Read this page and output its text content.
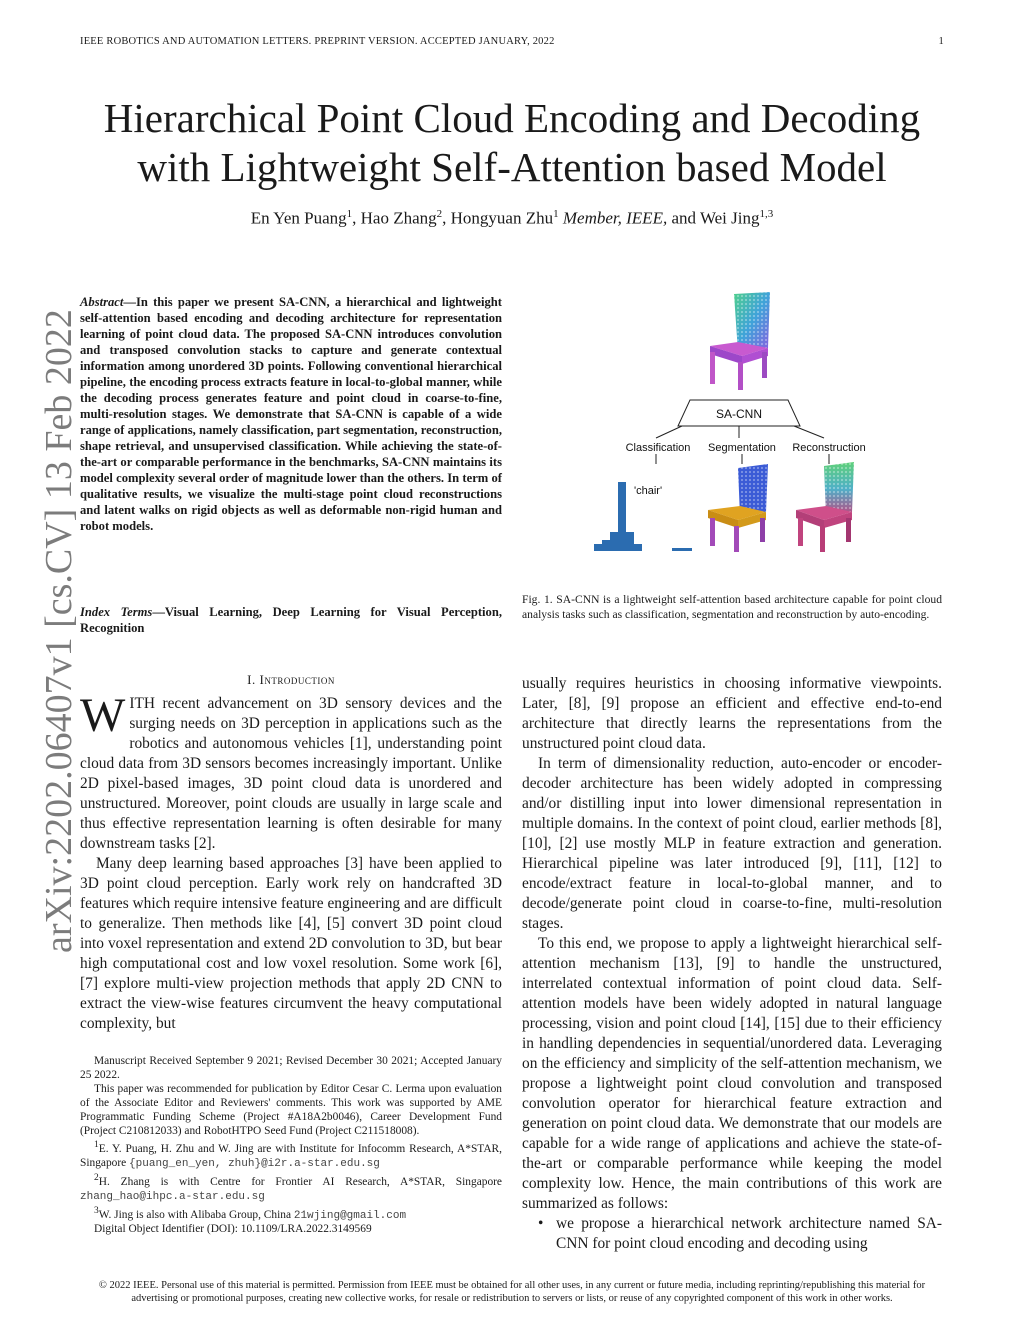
IEEE ROBOTICS AND AUTOMATION LETTERS. PREPRINT VERSION. ACCEPTED JANUARY, 2022	1
Hierarchical Point Cloud Encoding and Decoding
with Lightweight Self-Attention based Model
En Yen Puang$^1$, Hao Zhang$^2$, Hongyuan Zhu$^1$ Member, IEEE, and Wei Jing$^{1,3}$
arXiv:2202.06407v1 [cs.CV] 13 Feb 2022
Abstract—In this paper we present SA-CNN, a hierarchical and lightweight self-attention based encoding and decoding architecture for representation learning of point cloud data. The proposed SA-CNN introduces convolution and transposed convolution stacks to capture and generate contextual information among unordered 3D points. Following conventional hierarchical pipeline, the encoding process extracts feature in local-to-global manner, while the decoding process generates feature and point cloud in coarse-to-fine, multi-resolution stages. We demonstrate that SA-CNN is capable of a wide range of applications, namely classification, part segmentation, reconstruction, shape retrieval, and unsupervised classification. While achieving the state-of-the-art or comparable performance in the benchmarks, SA-CNN maintains its model complexity several order of magnitude lower than the others. In term of qualitative results, we visualize the multi-stage point cloud reconstructions and latent walks on rigid objects as well as deformable non-rigid human and robot models.
Index Terms—Visual Learning, Deep Learning for Visual Perception, Recognition
I. Introduction

WITH recent advancement on 3D sensory devices and the surging needs on 3D perception in applications such as the robotics and autonomous vehicles [1], understanding point cloud data from 3D sensors becomes increasingly important. Unlike 2D pixel-based images, 3D point cloud data is unordered and unstructured. Moreover, point clouds are usually in large scale and thus effective representation learning is often desirable for many downstream tasks [2].

Many deep learning based approaches [3] have been applied to 3D point cloud perception. Early work rely on handcrafted 3D features which require intensive feature engineering and are difficult to generalize. Then methods like [4], [5] convert 3D point cloud into voxel representation and extend 2D convolution to 3D, but bear high computational cost and low voxel resolution. Some work [6], [7] explore multi-view projection methods that apply 2D CNN to extract the view-wise features circumvent the heavy computational complexity, but

Manuscript Received September 9 2021; Revised December 30 2021; Accepted January 25 2022.

This paper was recommended for publication by Editor Cesar C. Lerma upon evaluation of the Associate Editor and Reviewers' comments. This work was supported by AME Programmatic Funding Scheme (Project #A18A2b0046), Career Development Fund (Project C210812033) and RobotHTPO Seed Fund (Project C211518008).

$^1$E. Y. Puang, H. Zhu and W. Jing are with Institute for Infocomm Research, A*STAR, Singapore {puang_en_yen, zhuh}@i2r.a-star.edu.sg

$^2$H. Zhang is with Centre for Frontier AI Research, A*STAR, Singapore zhang_hao@ihpc.a-star.edu.sg

$^3$W. Jing is also with Alibaba Group, China 21wjing@gmail.com

Digital Object Identifier (DOI): 10.1109/LRA.2022.3149569

SA-CNN
Classification Segmentation Reconstruction
'chair'
Fig. 1. SA-CNN is a lightweight self-attention based architecture capable for point cloud analysis tasks such as classification, segmentation and reconstruction by auto-encoding.

usually requires heuristics in choosing informative viewpoints. Later, [8], [9] propose an efficient and effective end-to-end architecture that directly learns the representations from the unstructured point cloud data.

In term of dimensionality reduction, auto-encoder or encoder-decoder architecture has been widely adopted in compressing and/or distilling input into lower dimensional representation in multiple domains. In the context of point cloud, earlier methods [8], [10], [2] use mostly MLP in feature extraction and generation. Hierarchical pipeline was later introduced [9], [11], [12] to encode/extract feature in local-to-global manner, and to decode/generate point cloud in coarse-to-fine, multi-resolution stages.

To this end, we propose to apply a lightweight hierarchical self-attention mechanism [13], [9] to handle the unstructured, interrelated contextual information of point cloud data. Self-attention models have been widely adopted in natural language processing, vision and point cloud [14], [15] due to their efficiency in handling dependencies in sequential/unordered data. Leveraging on the efficiency and simplicity of the self-attention mechanism, we propose a lightweight point cloud convolution and transposed convolution operator for hierarchical feature extraction and generation on point cloud data. We demonstrate that our models are capable for a wide range of applications and achieve the state-of-the-art or comparable performance while keeping the model complexity low. Hence, the main contributions of this work are summarized as follows:

• we propose a hierarchical network architecture named SA-CNN for point cloud encoding and decoding using

© 2022 IEEE. Personal use of this material is permitted. Permission from IEEE must be obtained for all other uses, in any current or future media, including reprinting/republishing this material for advertising or promotional purposes, creating new collective works, for resale or redistribution to servers or lists, or reuse of any copyrighted component of this work in other works.
